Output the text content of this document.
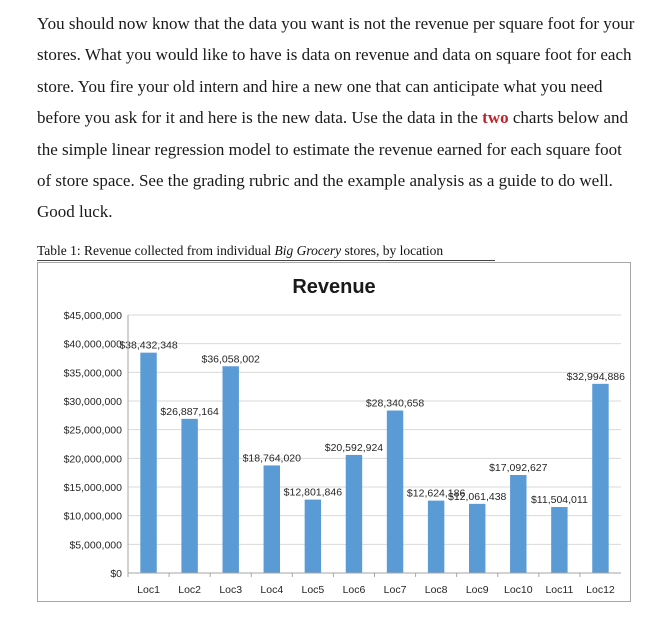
You should now know that the data you want is not the revenue per square foot for your stores. What you would like to have is data on revenue and data on square foot for each store. You fire your old intern and hire a new one that can anticipate what you need before you ask for it and here is the new data. Use the data in the two charts below and the simple linear regression model to estimate the revenue earned for each square foot of store space. See the grading rubric and the example analysis as a guide to do well. Good luck.
Table 1: Revenue collected from individual Big Grocery stores, by location
Revenue
$38,432,348
$26,887,164
$36,058,002
$18,764,020
$12,801,846
$20,592,924
$28,340,658
$12,624,186
$12,061,438
$17,092,627
$11,504,011
$32,994,886
$0
$5,000,000
$10,000,000
$15,000,000
$20,000,000
$25,000,000
$30,000,000
$35,000,000
$40,000,000
$45,000,000
Loc1 Loc2 Loc3 Loc4 Loc5 Loc6 Loc7 Loc8 Loc9 Loc10 Loc11 Loc12
